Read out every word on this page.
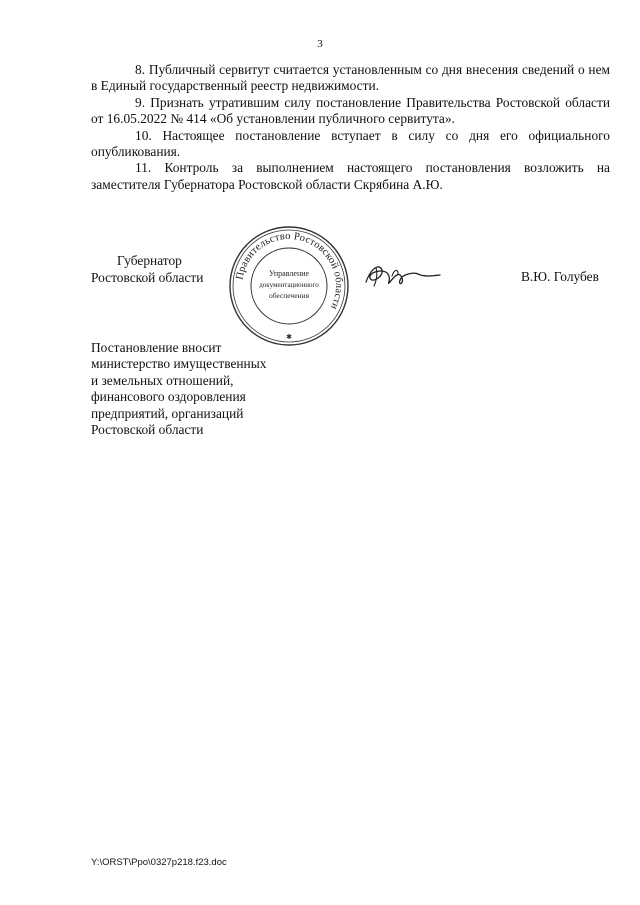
3

8. Публичный сервитут считается установленным со дня внесения сведений о нем в Единый государственный реестр недвижимости.

9. Признать утратившим силу постановление Правительства Ростовской области от 16.05.2022 № 414 «Об установлении публичного сервитута».

10. Настоящее постановление вступает в силу со дня его официального опубликования.

11. Контроль за выполнением настоящего постановления возложить на заместителя Губернатора Ростовской области Скрябина А.Ю.

Губернатор
Ростовской области	Правительство Ростовской области
Управление
документационного
обеспечения
✱
В.Ю. Голубев
Постановление вносит
министерство имущественных
и земельных отношений,
финансового оздоровления
предприятий, организаций
Ростовской области
Y:\ORST\Ppo\0327p218.f23.doc
